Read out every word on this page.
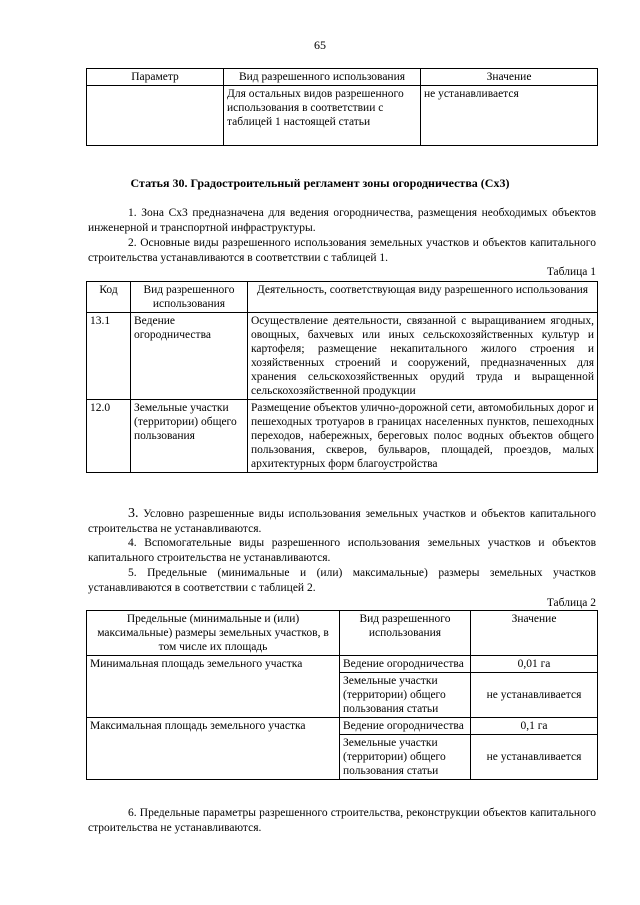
65
Параметр	Вид разрешенного использования	Значение
	Для остальных видов разрешенного использования в соответствии с таблицей 1 настоящей статьи	не устанавливается
Статья 30. Градостроительный регламент зоны огородничества (Сх3)
1. Зона Сх3 предназначена для ведения огородничества, размещения необходимых объектов инженерной и транспортной инфраструктуры.
2. Основные виды разрешенного использования земельных участков и объектов капитального строительства устанавливаются в соответствии с таблицей 1.
Таблица 1
Код	Вид разрешенного использования	Деятельность, соответствующая виду разрешенного использования
13.1	Ведение огородничества	Осуществление деятельности, связанной с выращиванием ягодных, овощных, бахчевых или иных сельскохозяйственных культур и картофеля; размещение некапитального жилого строения и хозяйственных строений и сооружений, предназначенных для хранения сельскохозяйственных орудий труда и выращенной сельскохозяйственной продукции
12.0	Земельные участки (территории) общего пользования	Размещение объектов улично-дорожной сети, автомобильных дорог и пешеходных тротуаров в границах населенных пунктов, пешеходных переходов, набережных, береговых полос водных объектов общего пользования, скверов, бульваров, площадей, проездов, малых архитектурных форм благоустройства
3. Условно разрешенные виды использования земельных участков и объектов капитального строительства не устанавливаются.
4. Вспомогательные виды разрешенного использования земельных участков и объектов капитального строительства не устанавливаются.
5. Предельные (минимальные и (или) максимальные) размеры земельных участков устанавливаются в соответствии с таблицей 2.
Таблица 2
Предельные (минимальные и (или) максимальные) размеры земельных участков, в том числе их площадь	Вид разрешенного использования	Значение
Минимальная площадь земельного участка	Ведение огородничества	0,01 га
	Земельные участки (территории) общего пользования статьи	не устанавливается
Максимальная площадь земельного участка	Ведение огородничества	0,1 га
	Земельные участки (территории) общего пользования статьи	не устанавливается
6. Предельные параметры разрешенного строительства, реконструкции объектов капитального строительства не устанавливаются.
